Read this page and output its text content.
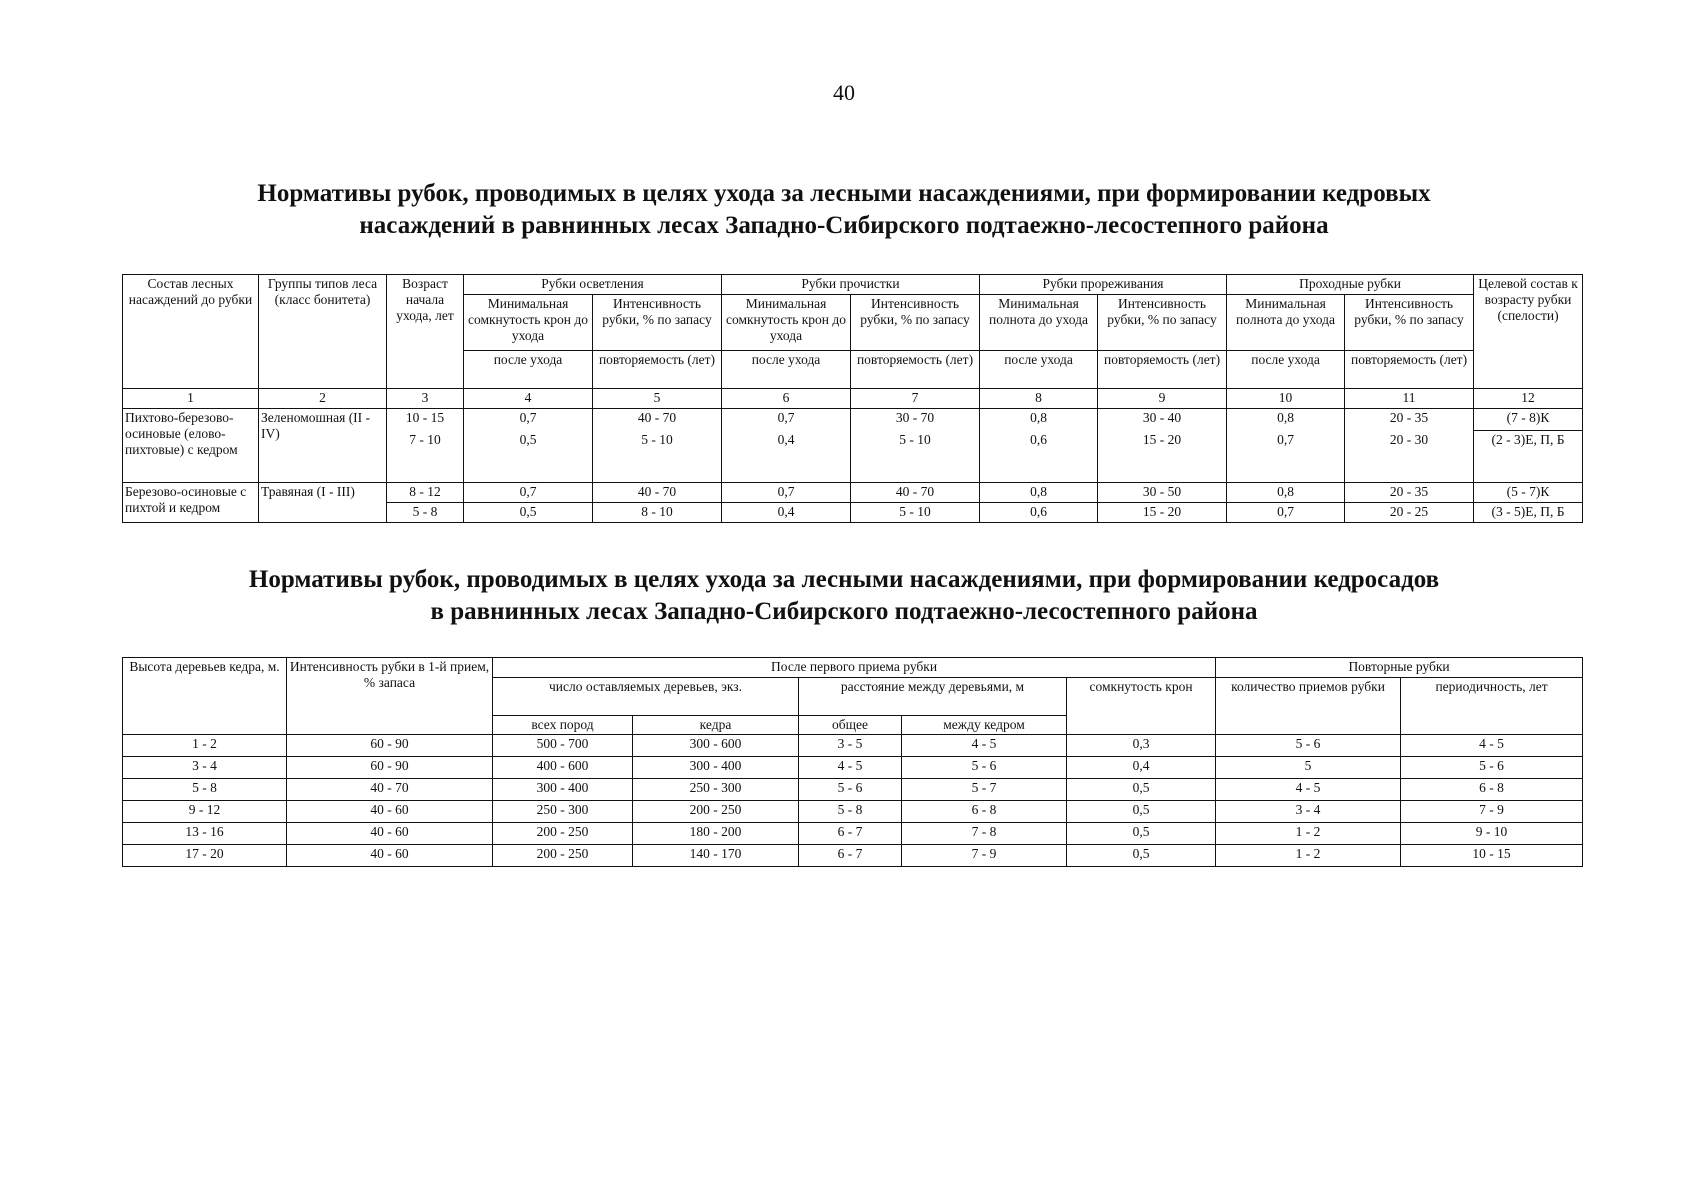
40
Нормативы рубок, проводимых в целях ухода за лесными насаждениями, при формировании кедровых
насаждений в равнинных лесах Западно-Сибирского подтаежно-лесостепного района
Состав лесных насаждений до рубки	Группы типов леса (класс бонитета)	Возраст начала ухода, лет	Рубки осветления		Рубки прочистки		Рубки прореживания		Проходные рубки		Целевой состав к возрасту рубки (спелости)
			Минимальная сомкнутость крон до ухода	Интенсивность рубки, % по запасу	Минимальная сомкнутость крон до ухода	Интенсивность рубки, % по запасу	Минимальная полнота до ухода	Интенсивность рубки, % по запасу	Минимальная полнота до ухода	Интенсивность рубки, % по запасу	
			после ухода	повторяемость (лет)	после ухода	повторяемость (лет)	после ухода	повторяемость (лет)	после ухода	повторяемость (лет)	
1	2	3	4	5	6	7	8	9	10	11	12
Пихтово-березово-осиновые (елово-пихтовые) с кедром	Зеленомошная (II - IV)	10 - 15	0,7	40 - 70	0,7	30 - 70	0,8	30 - 40	0,8	20 - 35	(7 - 8)К
		7 - 10	0,5	5 - 10	0,4	5 - 10	0,6	15 - 20	0,7	20 - 30	(2 - 3)Е, П, Б
Березово-осиновые с пихтой и кедром	Травяная (I - III)	8 - 12	0,7	40 - 70	0,7	40 - 70	0,8	30 - 50	0,8	20 - 35	(5 - 7)К
		5 - 8	0,5	8 - 10	0,4	5 - 10	0,6	15 - 20	0,7	20 - 25	(3 - 5)Е, П, Б
Нормативы рубок, проводимых в целях ухода за лесными насаждениями, при формировании кедросадов
в равнинных лесах Западно-Сибирского подтаежно-лесостепного района
Высота деревьев кедра, м.	Интенсивность рубки в 1-й прием, % запаса	После первого приема рубки					Повторные рубки	
		число оставляемых деревьев, экз.		расстояние между деревьями, м		сомкнутость крон	количество приемов рубки	периодичность, лет
		всех пород	кедра	общее	между кедром			
1 - 2	60 - 90	500 - 700	300 - 600	3 - 5	4 - 5	0,3	5 - 6	4 - 5
3 - 4	60 - 90	400 - 600	300 - 400	4 - 5	5 - 6	0,4	5	5 - 6
5 - 8	40 - 70	300 - 400	250 - 300	5 - 6	5 - 7	0,5	4 - 5	6 - 8
9 - 12	40 - 60	250 - 300	200 - 250	5 - 8	6 - 8	0,5	3 - 4	7 - 9
13 - 16	40 - 60	200 - 250	180 - 200	6 - 7	7 - 8	0,5	1 - 2	9 - 10
17 - 20	40 - 60	200 - 250	140 - 170	6 - 7	7 - 9	0,5	1 - 2	10 - 15
